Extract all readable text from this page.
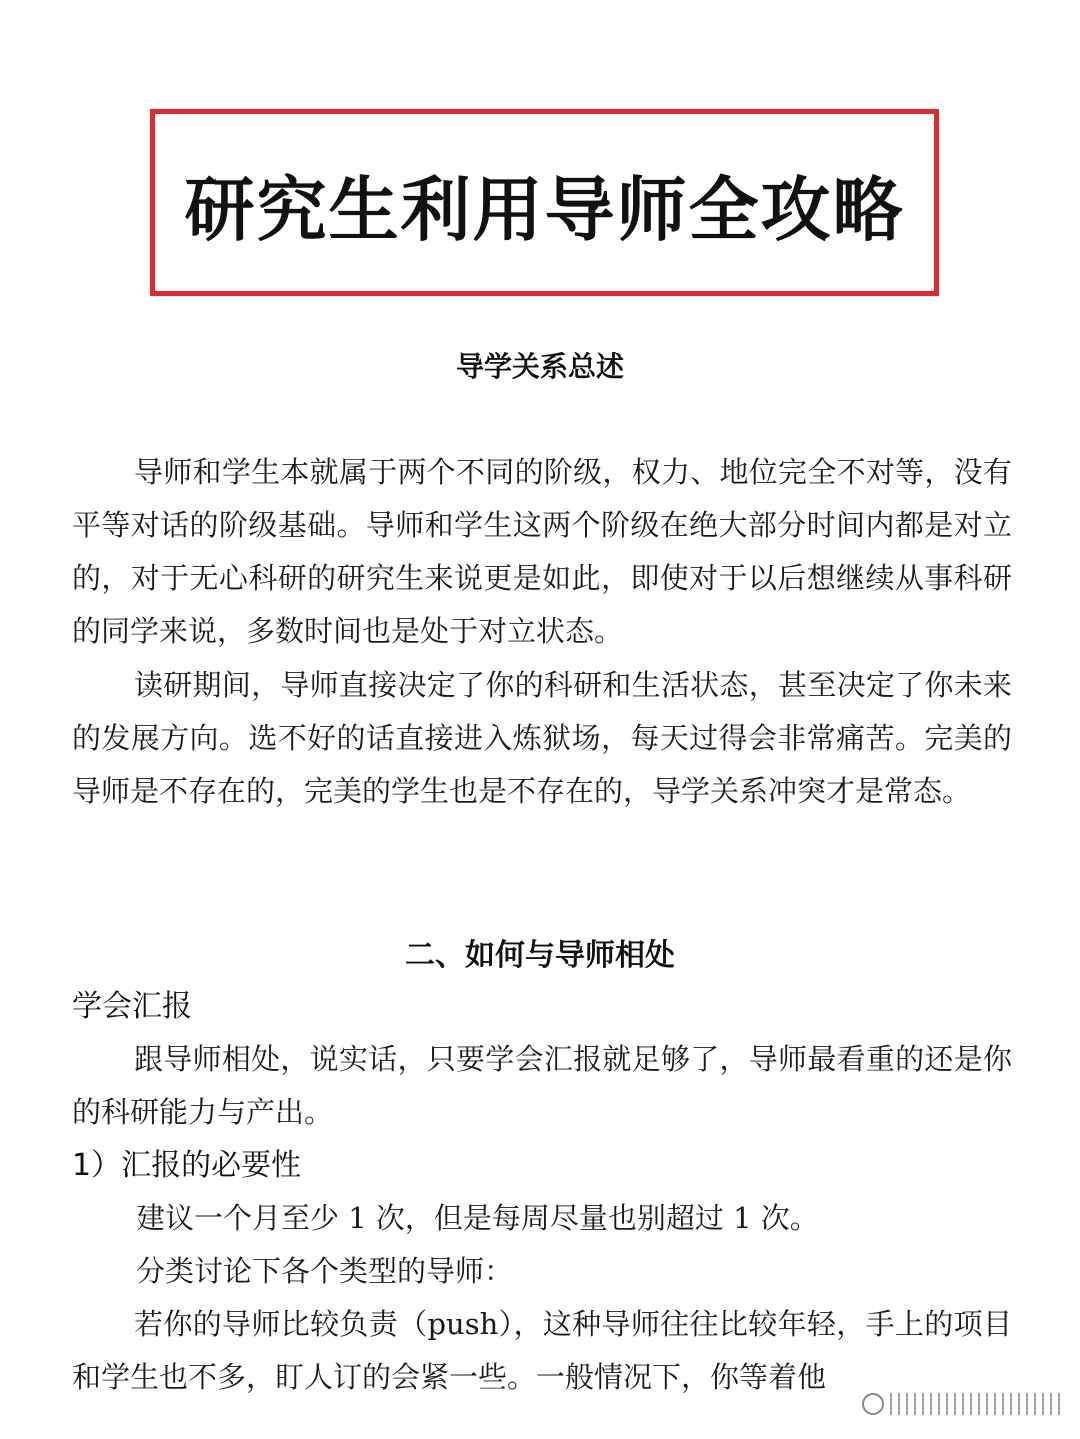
研究生利用导师全攻略
导学关系总述

导师和学生本就属于两个不同的阶级，权力、地位完全不对等，没有平等对话的阶级基础。导师和学生这两个阶级在绝大部分时间内都是对立的，对于无心科研的研究生来说更是如此，即使对于以后想继续从事科研的同学来说，多数时间也是处于对立状态。

读研期间，导师直接决定了你的科研和生活状态，甚至决定了你未来的发展方向。选不好的话直接进入炼狱场，每天过得会非常痛苦。完美的导师是不存在的，完美的学生也是不存在的，导学关系冲突才是常态。

二、如何与导师相处
学会汇报

跟导师相处，说实话，只要学会汇报就足够了，导师最看重的还是你的科研能力与产出。

1）汇报的必要性
建议一个月至少 1 次，但是每周尽量也别超过 1 次。
分类讨论下各个类型的导师：

若你的导师比较负责（push），这种导师往往比较年轻，手上的项目和学生也不多，盯人订的会紧一些。一般情况下，你等着他
